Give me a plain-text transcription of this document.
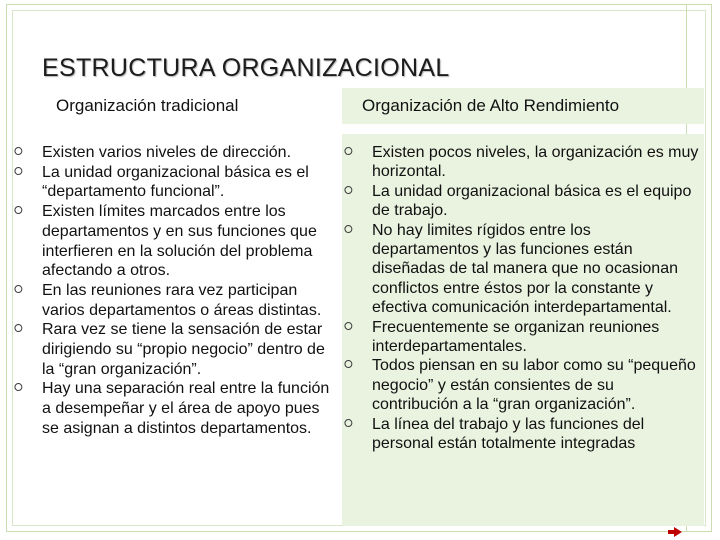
ESTRUCTURA ORGANIZACIONAL
Organización tradicional	Organización de Alto Rendimiento
⭘ Existen varios niveles de dirección.
⭘ La unidad organizacional básica es el “departamento funcional”.
⭘ Existen límites marcados entre los departamentos y en sus funciones que interfieren en la solución del problema afectando a otros.
⭘ En las reuniones rara vez participan varios departamentos o áreas distintas.
⭘ Rara vez se tiene la sensación de estar dirigiendo su “propio negocio” dentro de la “gran organización”.
⭘ Hay una separación real entre la función a desempeñar y el área de apoyo pues se asignan a distintos departamentos.
⭘ Existen pocos niveles, la organización es muy horizontal.
⭘ La unidad organizacional básica es el equipo de trabajo.
⭘ No hay limites rígidos entre los departamentos y las funciones están diseñadas de tal manera que no ocasionan conflictos entre éstos por la constante y efectiva comunicación interdepartamental.
⭘ Frecuentemente se organizan reuniones interdepartamentales.
⭘ Todos piensan en su labor como su “pequeño negocio” y están consientes de su contribución a la “gran organización”.
⭘ La línea del trabajo y las funciones del personal están totalmente integradas
